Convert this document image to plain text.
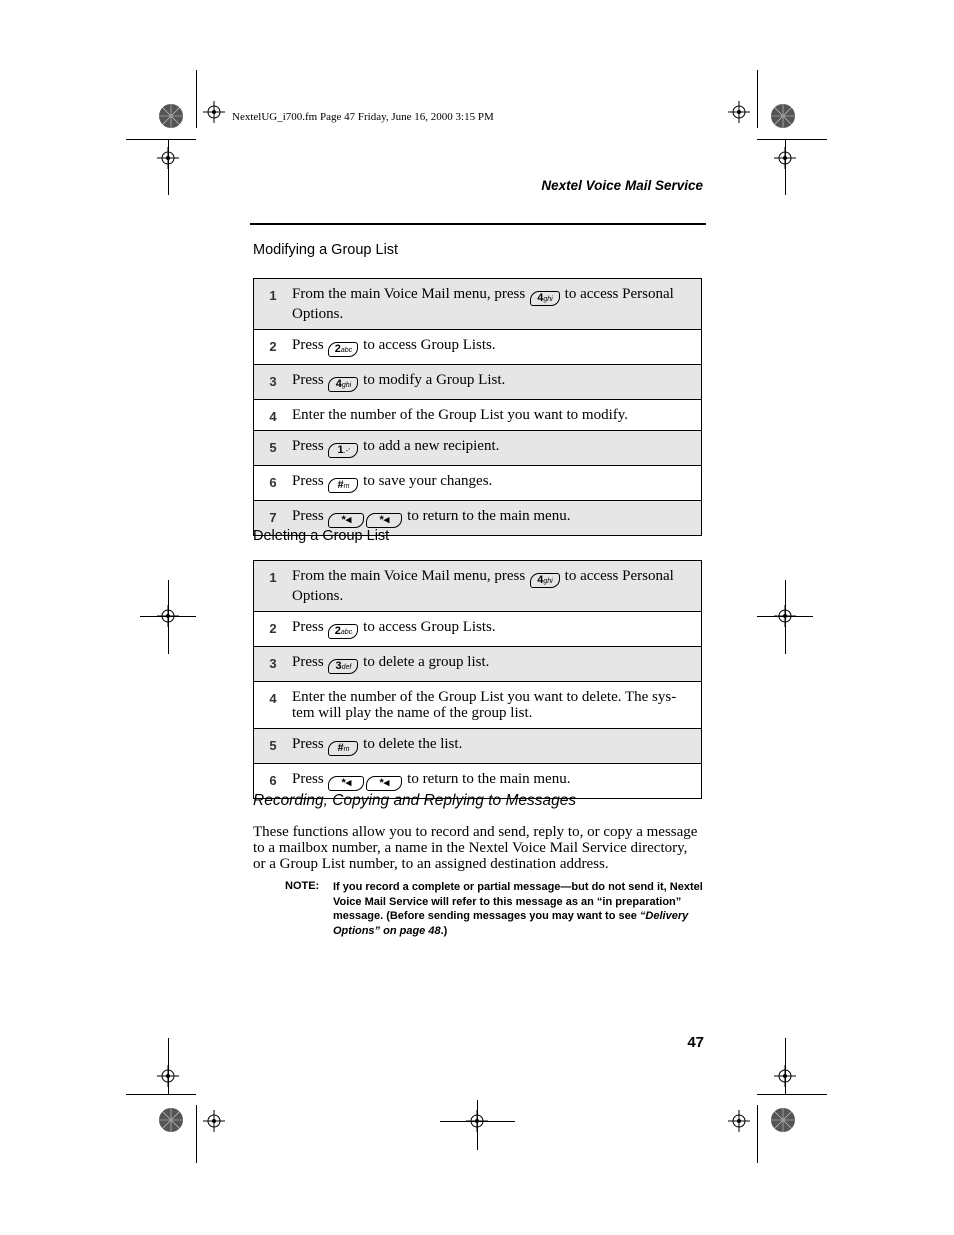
NextelUG_i700.fm Page 47 Friday, June 16, 2000 3:15 PM
Nextel Voice Mail Service
Modifying a Group List
1	From the main Voice Mail menu, press 4ghi to access Personal Options.
2	Press 2abc to access Group Lists.
3	Press 4ghi to modify a Group List.
4	Enter the number of the Group List you want to modify.
5	Press 1.-' to add a new recipient.
6	Press #m to save your changes.
7	Press *◂ *◂ to return to the main menu.
Deleting a Group List
1	From the main Voice Mail menu, press 4ghi to access Personal Options.
2	Press 2abc to access Group Lists.
3	Press 3def to delete a group list.
4	Enter the number of the Group List you want to delete. The sys-tem will play the name of the group list.
5	Press #m to delete the list.
6	Press *◂ *◂ to return to the main menu.
Recording, Copying and Replying to Messages
These functions allow you to record and send, reply to, or copy a message to a mailbox number, a name in the Nextel Voice Mail Service directory, or a Group List number, to an assigned destination address.
NOTE: If you record a complete or partial message—but do not send it, Nextel Voice Mail Service will refer to this message as an “in preparation” message. (Before sending messages you may want to see “Delivery Options” on page 48.)
47
